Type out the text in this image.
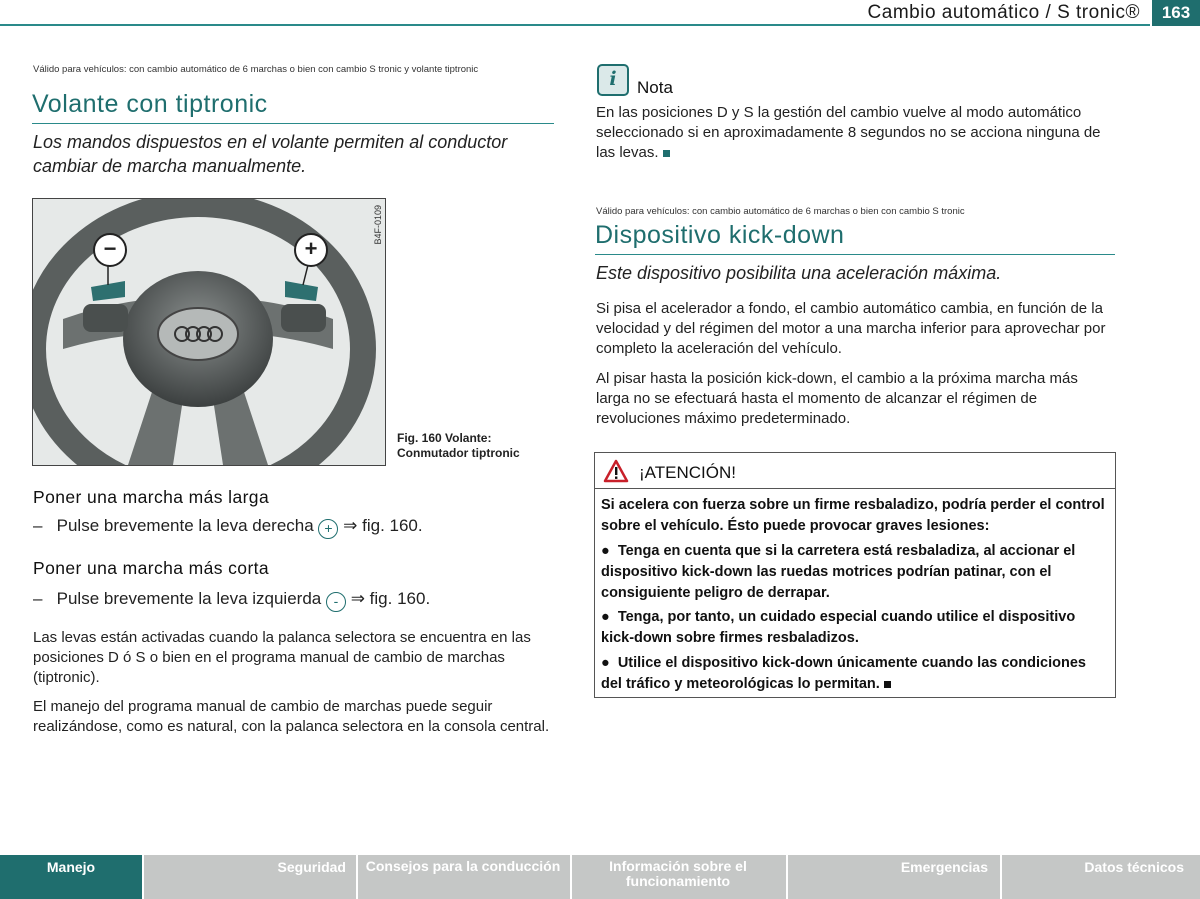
Cambio automático / S tronic®	163
Válido para vehículos: con cambio automático de 6 marchas o bien con cambio S tronic y volante tiptronic
Volante con tiptronic
Los mandos dispuestos en el volante permiten al conductor cambiar de marcha manualmente.
−	+
B4F-0109
Fig. 160 Volante:
Conmutador tiptronic
Poner una marcha más larga
– Pulse brevemente la leva derecha + ⇒ fig. 160.
Poner una marcha más corta
– Pulse brevemente la leva izquierda - ⇒ fig. 160.
Las levas están activadas cuando la palanca selectora se encuentra en las posiciones D ó S o bien en el programa manual de cambio de marchas (tiptronic).
El manejo del programa manual de cambio de marchas puede seguir realizándose, como es natural, con la palanca selectora en la consola central.
i	Nota
En las posiciones D y S la gestión del cambio vuelve al modo automático seleccionado si en aproximadamente 8 segundos no se acciona ninguna de las levas.
Válido para vehículos: con cambio automático de 6 marchas o bien con cambio S tronic
Dispositivo kick-down
Este dispositivo posibilita una aceleración máxima.
Si pisa el acelerador a fondo, el cambio automático cambia, en función de la velocidad y del régimen del motor a una marcha inferior para aprovechar por completo la aceleración del vehículo.
Al pisar hasta la posición kick-down, el cambio a la próxima marcha más larga no se efectuará hasta el momento de alcanzar el régimen de revoluciones máximo predeterminado.
¡ATENCIÓN!
Si acelera con fuerza sobre un firme resbaladizo, podría perder el control sobre el vehículo. Ésto puede provocar graves lesiones:
● Tenga en cuenta que si la carretera está resbaladiza, al accionar el dispositivo kick-down las ruedas motrices podrían patinar, con el consiguiente peligro de derrapar.
● Tenga, por tanto, un cuidado especial cuando utilice el dispositivo kick-down sobre firmes resbaladizos.
● Utilice el dispositivo kick-down únicamente cuando las condiciones del tráfico y meteorológicas lo permitan.
Manejo	Seguridad	Consejos para la conducción	Información sobre el funcionamiento
Emergencias	Datos técnicos
